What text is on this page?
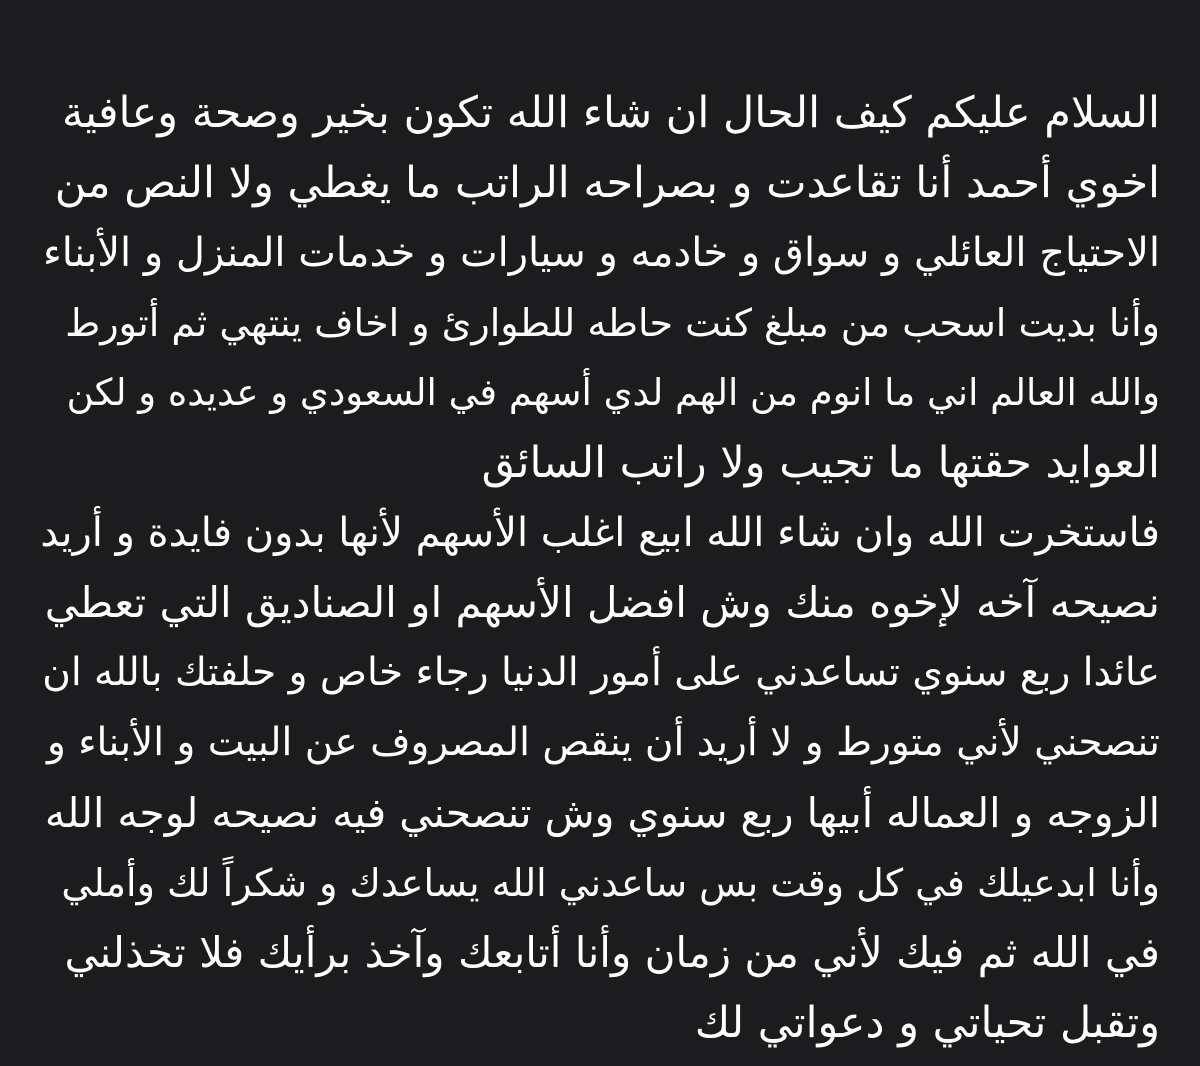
السلام عليكم كيف الحال ان شاء الله تكون بخير وصحة وعافية
اخوي أحمد أنا تقاعدت و بصراحه الراتب ما يغطي ولا النص من
الاحتياج العائلي و سواق و خادمه و سيارات و خدمات المنزل و الأبناء
وأنا بديت اسحب من مبلغ كنت حاطه للطوارئ و اخاف ينتهي ثم أتورط
والله العالم اني ما انوم من الهم لدي أسهم في السعودي و عديده و لكن
العوايد حقتها ما تجيب ولا راتب السائق
فاستخرت الله وان شاء الله ابيع اغلب الأسهم لأنها بدون فايدة و أريد
نصيحه آخه لإخوه منك وش افضل الأسهم او الصناديق التي تعطي
عائدا ربع سنوي تساعدني على أمور الدنيا رجاء خاص و حلفتك بالله ان
تنصحني لأني متورط و لا أريد أن ينقص المصروف عن البيت و الأبناء و
الزوجه و العماله أبيها ربع سنوي وش تنصحني فيه نصيحه لوجه الله
وأنا ابدعيلك في كل وقت بس ساعدني الله يساعدك و شكراً لك وأملي
في الله ثم فيك لأني من زمان وأنا أتابعك وآخذ برأيك فلا تخذلني
وتقبل تحياتي و دعواتي لك
